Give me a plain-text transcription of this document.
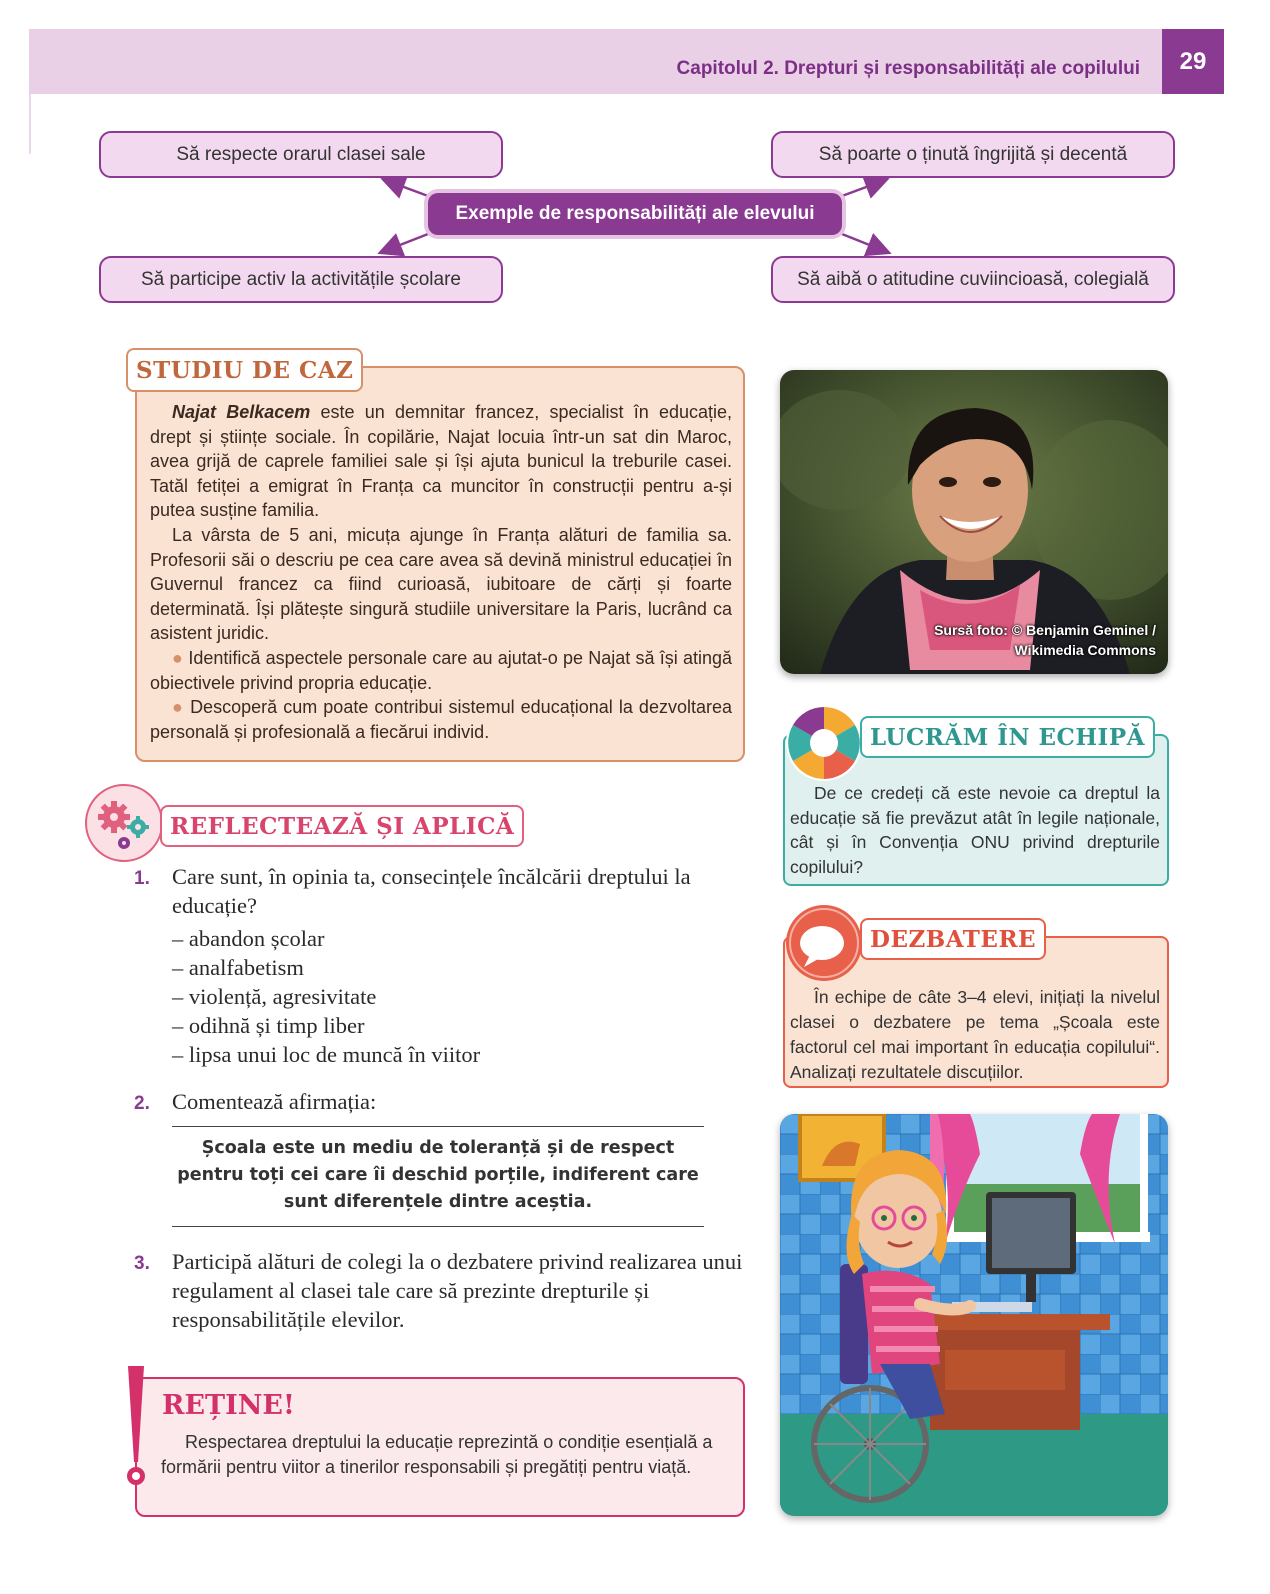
Capitolul 2. Drepturi și responsabilități ale copilului	29
Să respecte orarul clasei sale	Să poarte o ținută îngrijită și decentă
Să participe activ la activitățile școlare	Să aibă o atitudine cuviincioasă, colegială
Exemple de responsabilități ale elevului
STUDIU DE CAZ

Najat Belkacem este un demnitar francez, specialist în educație, drept și științe sociale. În copilărie, Najat locuia într-un sat din Maroc, avea grijă de caprele familiei sale și își ajuta bunicul la treburile casei. Tatăl fetiței a emigrat în Franța ca muncitor în construcții pentru a-și putea susține familia.

La vârsta de 5 ani, micuța ajunge în Franța alături de familia sa. Profesorii săi o descriu pe cea care avea să devină ministrul educației în Guvernul francez ca fiind curioasă, iubitoare de cărți și foarte determinată. Își plătește singură studiile universitare la Paris, lucrând ca asistent juridic.

● Identifică aspectele personale care au ajutat-o pe Najat să își atingă obiectivele privind propria educație.

● Descoperă cum poate contribui sistemul educațional la dezvoltarea personală și profesională a fiecărui individ.

Sursă foto: © Benjamin Geminel /
Wikimedia Commons
LUCRĂM ÎN ECHIPĂ

De ce credeți că este nevoie ca dreptul la educație să fie prevăzut atât în legile naționale, cât și în Convenția ONU privind drepturile copilului?

DEZBATERE

În echipe de câte 3–4 elevi, inițiați la nivelul clasei o dezbatere pe tema „Școala este factorul cel mai important în educația copilului“. Analizați rezultatele discuțiilor.

REFLECTEAZĂ ȘI APLICĂ
1. Care sunt, în opinia ta, consecințele încălcării dreptului la educație?
– abandon școlar
– analfabetism
– violență, agresivitate
– odihnă și timp liber
– lipsa unui loc de muncă în viitor
2. Comentează afirmația:
Școala este un mediu de toleranță și de respect pentru toți cei care îi deschid porțile, indiferent care sunt diferențele dintre aceștia.
3. Participă alături de colegi la o dezbatere privind realizarea unui regulament al clasei tale care să prezinte drepturile și responsabilitățile elevilor.
REȚINE!

Respectarea dreptului la educație reprezintă o condiție esențială a formării pentru viitor a tinerilor responsabili și pregătiți pentru viață.
